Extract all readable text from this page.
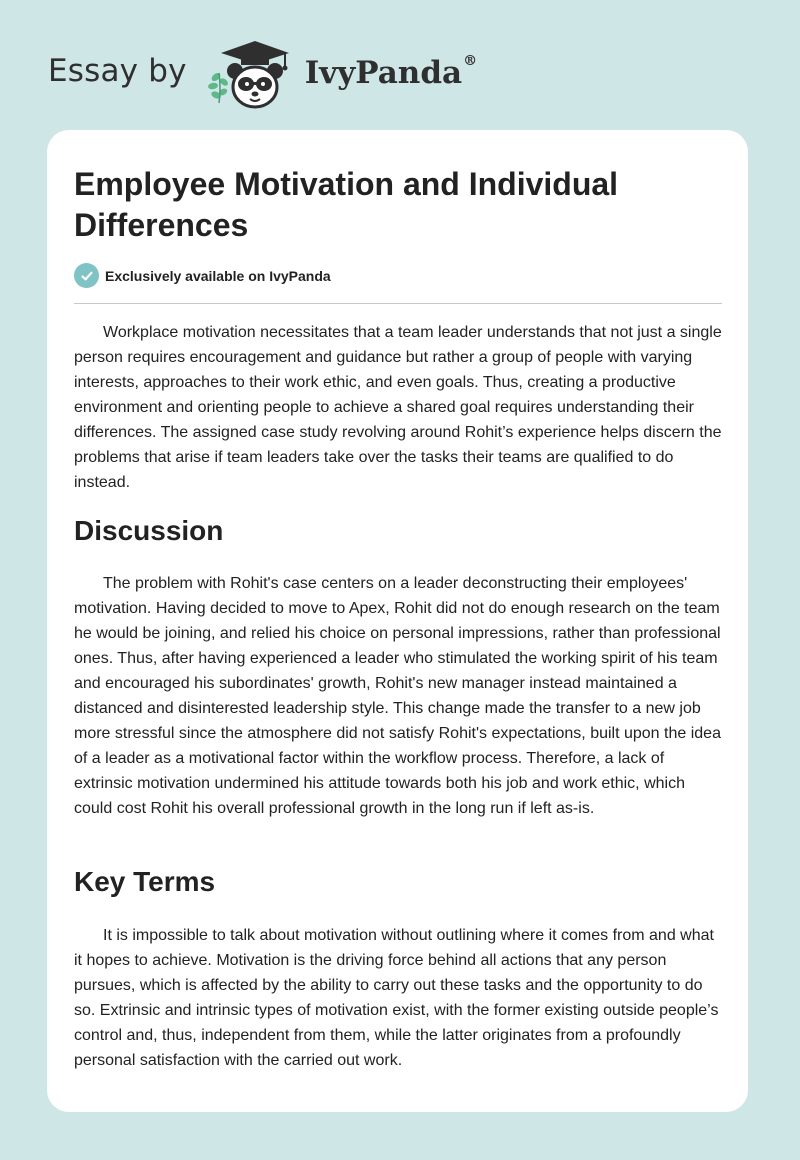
Essay by	IvyPanda®
Employee Motivation and Individual Differences
Exclusively available on IvyPanda

Workplace motivation necessitates that a team leader understands that not just a single person requires encouragement and guidance but rather a group of people with varying interests, approaches to their work ethic, and even goals. Thus, creating a productive environment and orienting people to achieve a shared goal requires understanding their differences. The assigned case study revolving around Rohit’s experience helps discern the problems that arise if team leaders take over the tasks their teams are qualified to do instead.

Discussion

The problem with Rohit's case centers on a leader deconstructing their employees' motivation. Having decided to move to Apex, Rohit did not do enough research on the team he would be joining, and relied his choice on personal impressions, rather than professional ones. Thus, after having experienced a leader who stimulated the working spirit of his team and encouraged his subordinates' growth, Rohit's new manager instead maintained a distanced and disinterested leadership style. This change made the transfer to a new job more stressful since the atmosphere did not satisfy Rohit's expectations, built upon the idea of a leader as a motivational factor within the workflow process. Therefore, a lack of extrinsic motivation undermined his attitude towards both his job and work ethic, which could cost Rohit his overall professional growth in the long run if left as-is.

Key Terms

It is impossible to talk about motivation without outlining where it comes from and what it hopes to achieve. Motivation is the driving force behind all actions that any person pursues, which is affected by the ability to carry out these tasks and the opportunity to do so. Extrinsic and intrinsic types of motivation exist, with the former existing outside people’s control and, thus, independent from them, while the latter originates from a profoundly personal satisfaction with the carried out work.
